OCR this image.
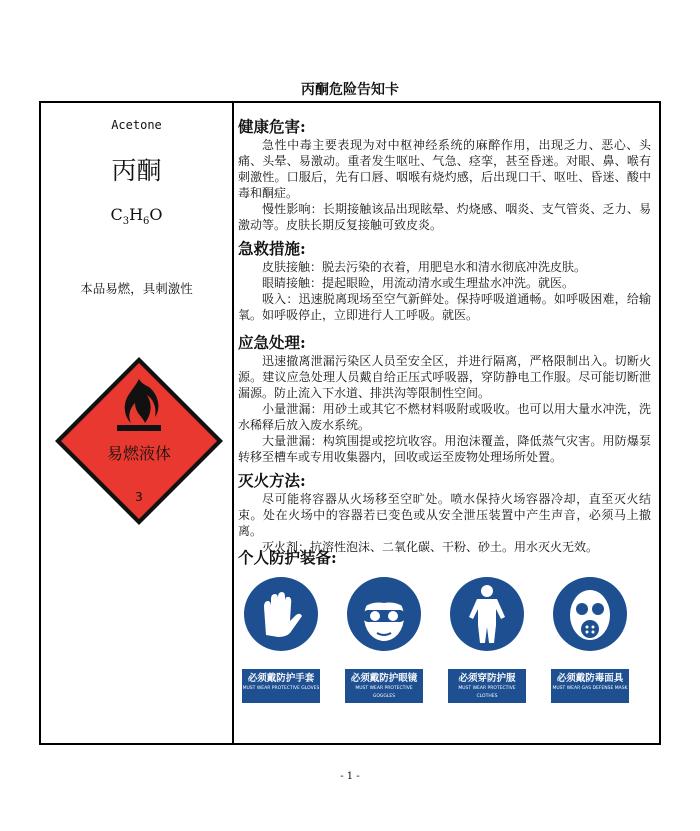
丙酮危险告知卡
Acetone
丙酮
$C_3H_6O$
本品易燃，具刺激性
易燃液体
3
健康危害:

急性中毒主要表现为对中枢神经系统的麻醉作用，出现乏力、恶心、头痛、头晕、易激动。重者发生呕吐、气急、痉挛，甚至昏迷。对眼、鼻、喉有刺激性。口服后，先有口唇、咽喉有烧灼感，后出现口干、呕吐、昏迷、酸中毒和酮症。

慢性影响：长期接触该品出现眩晕、灼烧感、咽炎、支气管炎、乏力、易激动等。皮肤长期反复接触可致皮炎。

急救措施:

皮肤接触：脱去污染的衣着，用肥皂水和清水彻底冲洗皮肤。

眼睛接触：提起眼睑，用流动清水或生理盐水冲洗。就医。

吸入：迅速脱离现场至空气新鲜处。保持呼吸道通畅。如呼吸困难，给输氧。如呼吸停止，立即进行人工呼吸。就医。

应急处理:

迅速撤离泄漏污染区人员至安全区，并进行隔离，严格限制出入。切断火源。建议应急处理人员戴自给正压式呼吸器，穿防静电工作服。尽可能切断泄漏源。防止流入下水道、排洪沟等限制性空间。

小量泄漏：用砂土或其它不燃材料吸附或吸收。也可以用大量水冲洗，洗水稀释后放入废水系统。

大量泄漏：构筑围提或挖坑收容。用泡沫覆盖，降低蒸气灾害。用防爆泵转移至槽车或专用收集器内，回收或运至废物处理场所处置。

灭火方法:

尽可能将容器从火场移至空旷处。喷水保持火场容器冷却，直至灭火结束。处在火场中的容器若已变色或从安全泄压装置中产生声音，必须马上撤离。

灭火剂：抗溶性泡沫、二氧化碳、干粉、砂土。用水灭火无效。

个人防护装备:
必须戴防护手套
MUST WEAR PROTECTIVE GLOVES
必须戴防护眼镜
MUST WEAR PROTECTIVE GOGGLES
必须穿防护服
MUST WEAR PROTECTIVE CLOTHES
必须戴防毒面具
MUST WEAR GAS DEFENSE MASK
- 1 -
